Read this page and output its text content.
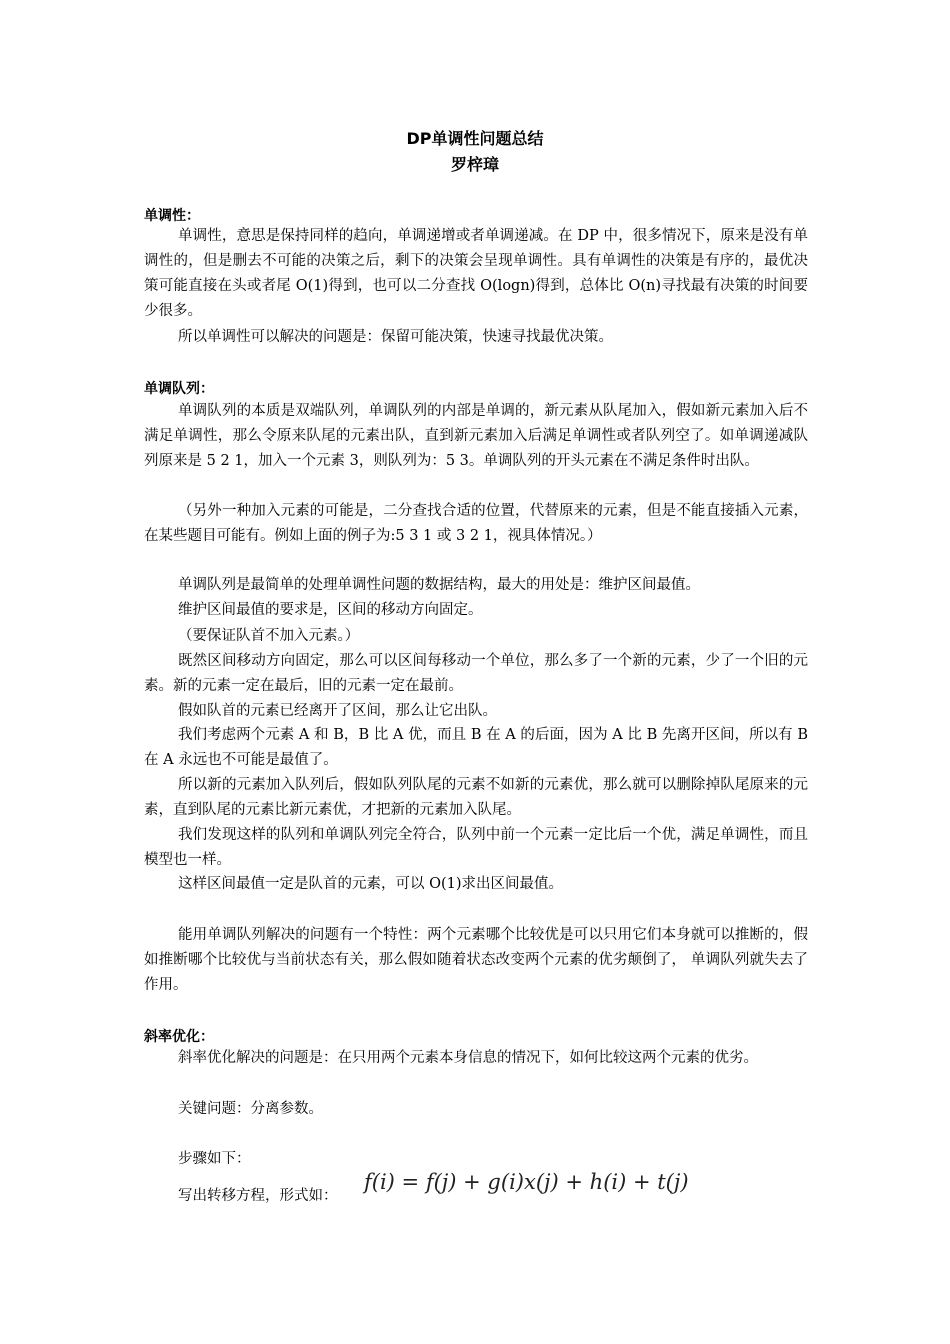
DP单调性问题总结
罗梓璋
单调性：

单调性，意思是保持同样的趋向，单调递增或者单调递减。在 DP 中，很多情况下，原来是没有单调性的，但是删去不可能的决策之后，剩下的决策会呈现单调性。具有单调性的决策是有序的，最优决策可能直接在头或者尾 O(1)得到，也可以二分查找 O(logn)得到，总体比 O(n)寻找最有决策的时间要少很多。

所以单调性可以解决的问题是：保留可能决策，快速寻找最优决策。

单调队列：

单调队列的本质是双端队列，单调队列的内部是单调的，新元素从队尾加入，假如新元素加入后不满足单调性，那么令原来队尾的元素出队，直到新元素加入后满足单调性或者队列空了。如单调递减队列原来是 5 2 1，加入一个元素 3，则队列为：5 3。单调队列的开头元素在不满足条件时出队。

（另外一种加入元素的可能是，二分查找合适的位置，代替原来的元素，但是不能直接插入元素，在某些题目可能有。例如上面的例子为:5 3 1 或 3 2 1，视具体情况。）

单调队列是最简单的处理单调性问题的数据结构，最大的用处是：维护区间最值。

维护区间最值的要求是，区间的移动方向固定。

（要保证队首不加入元素。）

既然区间移动方向固定，那么可以区间每移动一个单位，那么多了一个新的元素，少了一个旧的元素。新的元素一定在最后，旧的元素一定在最前。

假如队首的元素已经离开了区间，那么让它出队。

我们考虑两个元素 A 和 B，B 比 A 优，而且 B 在 A 的后面，因为 A 比 B 先离开区间，所以有 B 在 A 永远也不可能是最值了。

所以新的元素加入队列后，假如队列队尾的元素不如新的元素优，那么就可以删除掉队尾原来的元素，直到队尾的元素比新元素优，才把新的元素加入队尾。

我们发现这样的队列和单调队列完全符合，队列中前一个元素一定比后一个优，满足单调性，而且模型也一样。

这样区间最值一定是队首的元素，可以 O(1)求出区间最值。

能用单调队列解决的问题有一个特性：两个元素哪个比较优是可以只用它们本身就可以推断的，假如推断哪个比较优与当前状态有关，那么假如随着状态改变两个元素的优劣颠倒了， 单调队列就失去了作用。

斜率优化：

斜率优化解决的问题是：在只用两个元素本身信息的情况下，如何比较这两个元素的优劣。

关键问题：分离参数。

步骤如下：

写出转移方程，形式如：

f(i) = f(j) + g(i)x(j) + h(i) + t(j)
